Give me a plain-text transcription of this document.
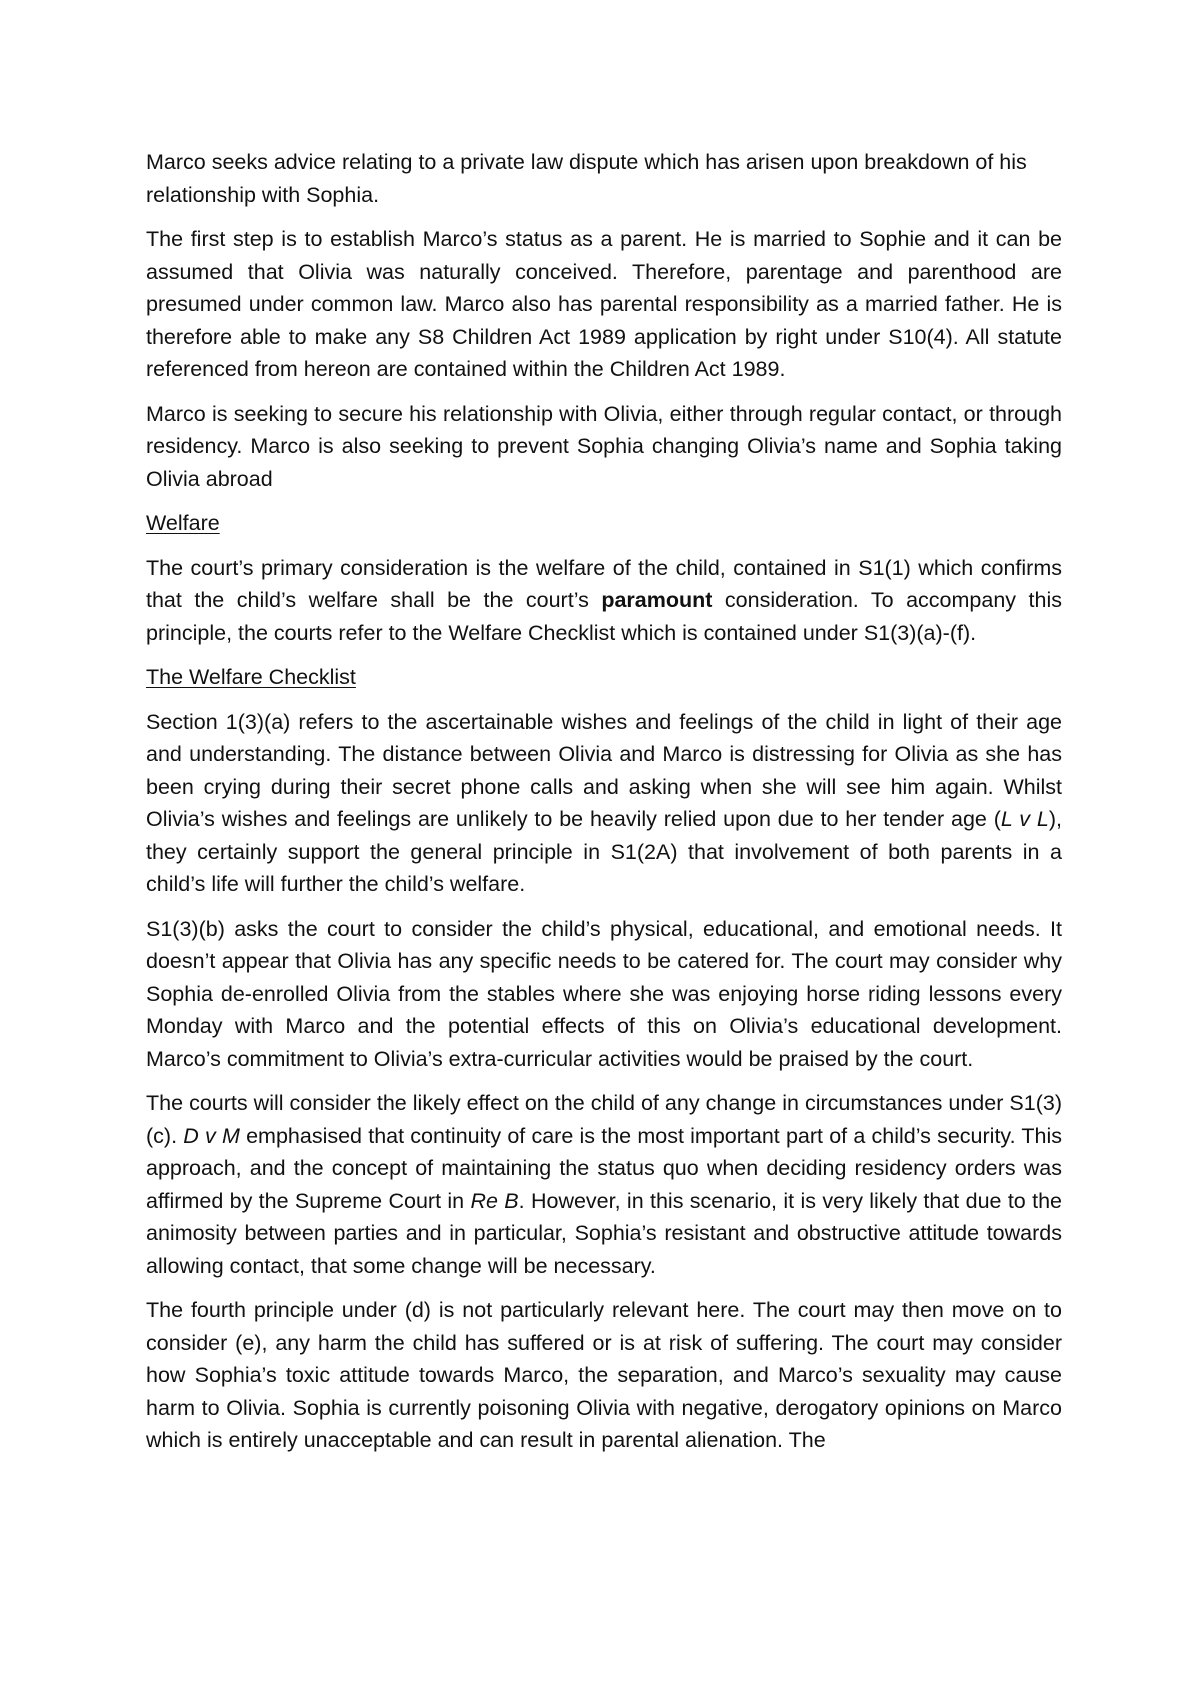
Marco seeks advice relating to a private law dispute which has arisen upon breakdown of his relationship with Sophia.

The first step is to establish Marco’s status as a parent. He is married to Sophie and it can be assumed that Olivia was naturally conceived. Therefore, parentage and parenthood are presumed under common law. Marco also has parental responsibility as a married father. He is therefore able to make any S8 Children Act 1989 application by right under S10(4). All statute referenced from hereon are contained within the Children Act 1989.

Marco is seeking to secure his relationship with Olivia, either through regular contact, or through residency. Marco is also seeking to prevent Sophia changing Olivia’s name and Sophia taking Olivia abroad

Welfare

The court’s primary consideration is the welfare of the child, contained in S1(1) which confirms that the child’s welfare shall be the court’s paramount consideration. To accompany this principle, the courts refer to the Welfare Checklist which is contained under S1(3)(a)-(f).

The Welfare Checklist

Section 1(3)(a) refers to the ascertainable wishes and feelings of the child in light of their age and understanding. The distance between Olivia and Marco is distressing for Olivia as she has been crying during their secret phone calls and asking when she will see him again. Whilst Olivia’s wishes and feelings are unlikely to be heavily relied upon due to her tender age (L v L), they certainly support the general principle in S1(2A) that involvement of both parents in a child’s life will further the child’s welfare.

S1(3)(b) asks the court to consider the child’s physical, educational, and emotional needs. It doesn’t appear that Olivia has any specific needs to be catered for. The court may consider why Sophia de-enrolled Olivia from the stables where she was enjoying horse riding lessons every Monday with Marco and the potential effects of this on Olivia’s educational development. Marco’s commitment to Olivia’s extra-curricular activities would be praised by the court.

The courts will consider the likely effect on the child of any change in circumstances under S1(3)(c). D v M emphasised that continuity of care is the most important part of a child’s security. This approach, and the concept of maintaining the status quo when deciding residency orders was affirmed by the Supreme Court in Re B. However, in this scenario, it is very likely that due to the animosity between parties and in particular, Sophia’s resistant and obstructive attitude towards allowing contact, that some change will be necessary.

The fourth principle under (d) is not particularly relevant here. The court may then move on to consider (e), any harm the child has suffered or is at risk of suffering. The court may consider how Sophia’s toxic attitude towards Marco, the separation, and Marco’s sexuality may cause harm to Olivia. Sophia is currently poisoning Olivia with negative, derogatory opinions on Marco which is entirely unacceptable and can result in parental alienation. The
